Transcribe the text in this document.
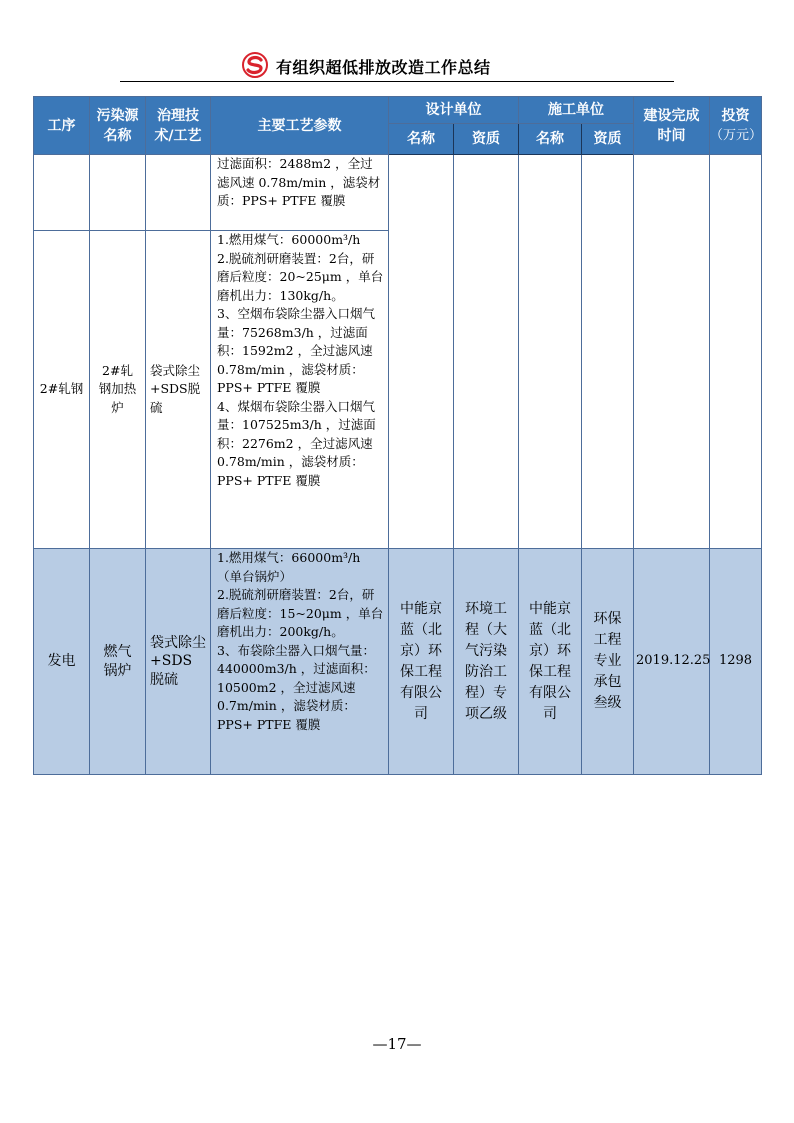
有组织超低排放改造工作总结
工序	污染源名称	治理技术/工艺	主要工艺参数	设计单位		施工单位		建设完成时间	投资
（万元）

				名称	资质	名称	资质		
			过滤面积：2488m2 ，全过滤风速 0.78m/min ，滤袋材质：PPS+ PTFE 覆膜						
2#轧钢	2#轧钢加热炉	袋式除尘+SDS脱硫	1.燃用煤气：60000m³/h
2.脱硫剂研磨装置：2台，研磨后粒度：20~25μm ，单台磨机出力：130kg/h。
3、空烟布袋除尘器入口烟气量：75268m3/h ，过滤面积：1592m2 ，全过滤风速 0.78m/min ，滤袋材质：PPS+ PTFE 覆膜
4、煤烟布袋除尘器入口烟气量：107525m3/h ，过滤面积：2276m2 ，全过滤风速 0.78m/min ，滤袋材质：PPS+ PTFE 覆膜						
发电	燃气锅炉	袋式除尘+SDS脱硫	1.燃用煤气：66000m³/h （单台锅炉）
2.脱硫剂研磨装置：2台，研磨后粒度：15~20μm ，单台磨机出力：200kg/h。
3、布袋除尘器入口烟气量：440000m3/h ，过滤面积：10500m2 ，全过滤风速 0.7m/min ，滤袋材质：PPS+ PTFE 覆膜	中能京蓝（北京）环保工程有限公司	环境工程（大气污染防治工程）专项乙级	中能京蓝（北京）环保工程有限公司	环保工程专业承包叁级	2019.12.25	1298
—17—
